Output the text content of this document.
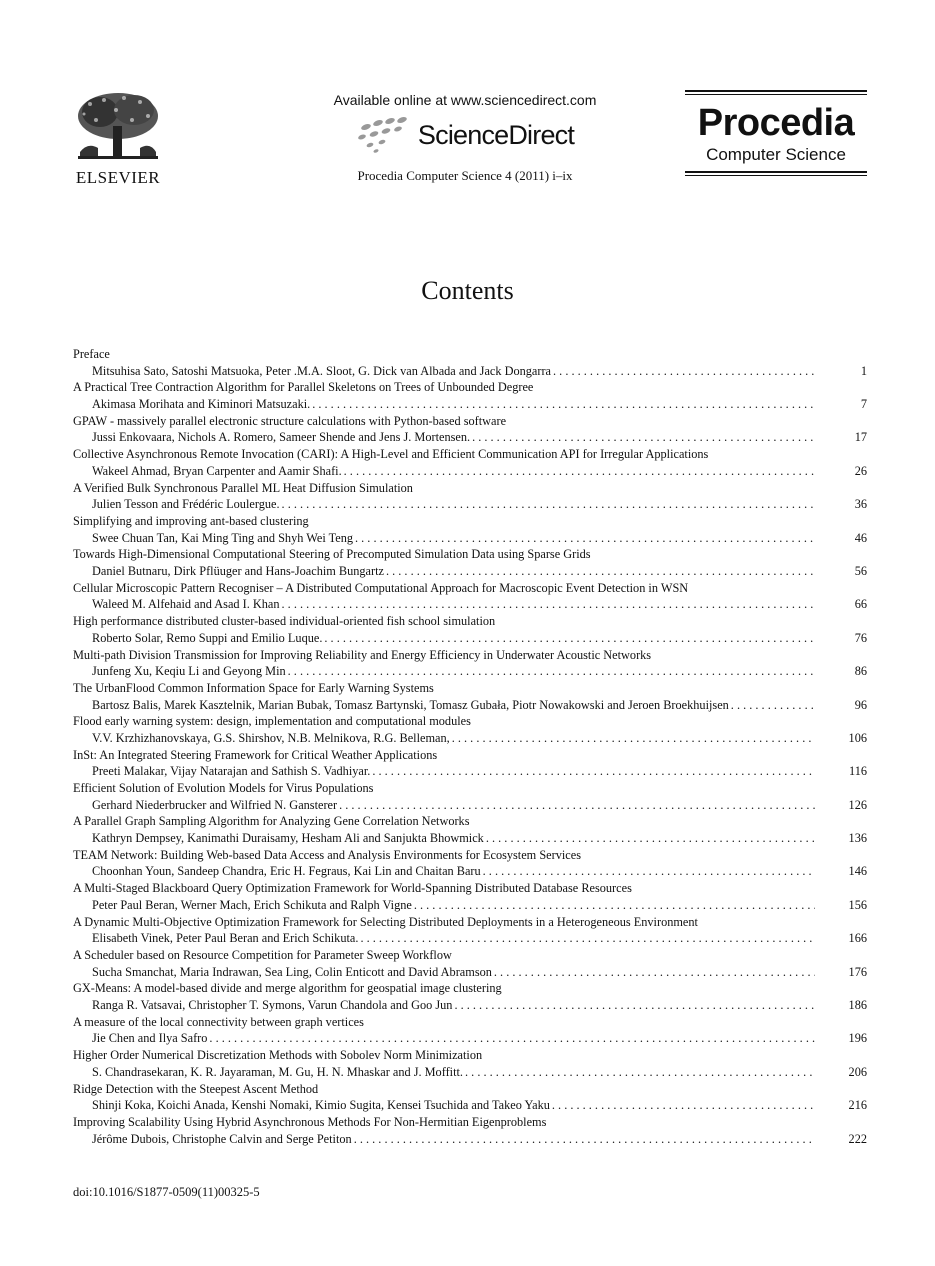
ELSEVIER
Available online at www.sciencedirect.com
ScienceDirect
Procedia Computer Science 4 (2011) i–ix
Procedia
Computer Science
Contents
Preface
Mitsuhisa Sato, Satoshi Matsuoka, Peter .M.A. Sloot, G. Dick van Albada and Jack Dongarra . . .	1
A Practical Tree Contraction Algorithm for Parallel Skeletons on Trees of Unbounded Degree
Akimasa Morihata and Kiminori Matsuzaki. . . .	7
GPAW - massively parallel electronic structure calculations with Python-based software
Jussi Enkovaara, Nichols A. Romero, Sameer Shende and Jens J. Mortensen. . . .	17
Collective Asynchronous Remote Invocation (CARI): A High-Level and Efficient Communication API for Irregular Applications
Wakeel Ahmad, Bryan Carpenter and Aamir Shafi. . . .	26
A Verified Bulk Synchronous Parallel ML Heat Diffusion Simulation
Julien Tesson and Frédéric Loulergue. . . .	36
Simplifying and improving ant-based clustering
Swee Chuan Tan, Kai Ming Ting and Shyh Wei Teng . . .	46
Towards High-Dimensional Computational Steering of Precomputed Simulation Data using Sparse Grids
Daniel Butnaru, Dirk Pflüuger and Hans-Joachim Bungartz . . .	56
Cellular Microscopic Pattern Recogniser – A Distributed Computational Approach for Macroscopic Event Detection in WSN
Waleed M. Alfehaid and Asad I. Khan . . .	66
High performance distributed cluster-based individual-oriented fish school simulation
Roberto Solar, Remo Suppi and Emilio Luque. . . .	76
Multi-path Division Transmission for Improving Reliability and Energy Efficiency in Underwater Acoustic Networks
Junfeng Xu, Keqiu Li and Geyong Min . . .	86
The UrbanFlood Common Information Space for Early Warning Systems
Bartosz Balis, Marek Kasztelnik, Marian Bubak, Tomasz Bartynski, Tomasz Gubała, Piotr Nowakowski and Jeroen Broekhuijsen . . .	96
Flood early warning system: design, implementation and computational modules
V.V. Krzhizhanovskaya, G.S. Shirshov, N.B. Melnikova, R.G. Belleman, . . .	106
InSt: An Integrated Steering Framework for Critical Weather Applications
Preeti Malakar, Vijay Natarajan and Sathish S. Vadhiyar. . . .	116
Efficient Solution of Evolution Models for Virus Populations
Gerhard Niederbrucker and Wilfried N. Gansterer . . .	126
A Parallel Graph Sampling Algorithm for Analyzing Gene Correlation Networks
Kathryn Dempsey, Kanimathi Duraisamy, Hesham Ali and Sanjukta Bhowmick . . .	136
TEAM Network: Building Web-based Data Access and Analysis Environments for Ecosystem Services
Choonhan Youn, Sandeep Chandra, Eric H. Fegraus, Kai Lin and Chaitan Baru . . .	146
A Multi-Staged Blackboard Query Optimization Framework for World-Spanning Distributed Database Resources
Peter Paul Beran, Werner Mach, Erich Schikuta and Ralph Vigne . . .	156
A Dynamic Multi-Objective Optimization Framework for Selecting Distributed Deployments in a Heterogeneous Environment
Elisabeth Vinek, Peter Paul Beran and Erich Schikuta. . . .	166
A Scheduler based on Resource Competition for Parameter Sweep Workflow
Sucha Smanchat, Maria Indrawan, Sea Ling, Colin Enticott and David Abramson . . .	176
GX-Means: A model-based divide and merge algorithm for geospatial image clustering
Ranga R. Vatsavai, Christopher T. Symons, Varun Chandola and Goo Jun . . .	186
A measure of the local connectivity between graph vertices
Jie Chen and Ilya Safro . . .	196
Higher Order Numerical Discretization Methods with Sobolev Norm Minimization
S. Chandrasekaran, K. R. Jayaraman, M. Gu, H. N. Mhaskar and J. Moffitt. . . .	206
Ridge Detection with the Steepest Ascent Method
Shinji Koka, Koichi Anada, Kenshi Nomaki, Kimio Sugita, Kensei Tsuchida and Takeo Yaku . . .	216
Improving Scalability Using Hybrid Asynchronous Methods For Non-Hermitian Eigenproblems
Jérôme Dubois, Christophe Calvin and Serge Petiton . . .	222
doi:10.1016/S1877-0509(11)00325-5
